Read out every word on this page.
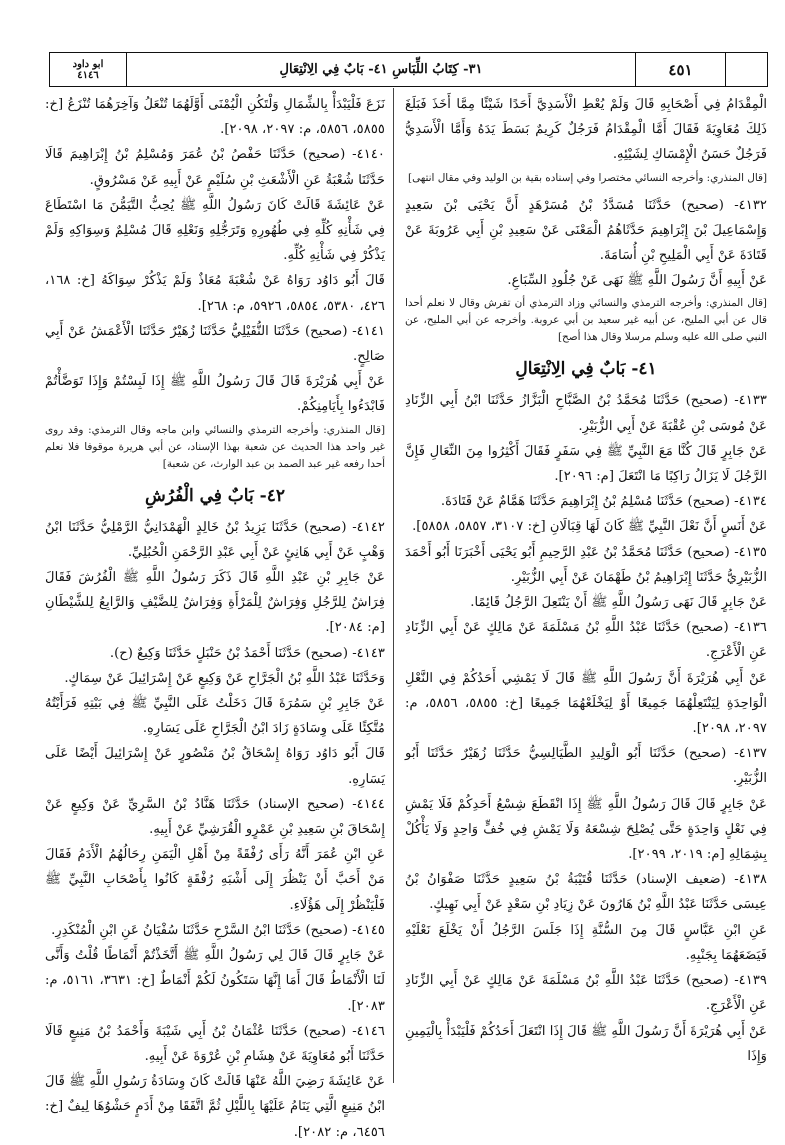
ابو داود
٤١٤٦	٣١- كِتَابُ اللِّبَاسِ ٤١- بَابٌ فِي الِانْتِعَالِ	٤٥١

الْمِقْدَامُ فِي أَصْحَابِهِ قَالَ وَلَمْ يُعْطِ الْأَسَدِيَّ أَحَدًا شَيْئًا مِمَّا أَخَذَ فَبَلَغَ ذَلِكَ مُعَاوِيَةَ فَقَالَ أَمَّا الْمِقْدَامُ فَرَجُلٌ كَرِيمٌ بَسَطَ يَدَهُ وَأَمَّا الْأَسَدِيُّ فَرَجُلٌ حَسَنُ الْإِمْسَاكِ لِشَيْئِهِ.

[قال المنذري: وأخرجه النسائي مختصرا وفي إسناده بقية بن الوليد وفي مقال انتهى]

٤١٣٢- (صحيح) حَدَّثَنَا مُسَدَّدُ بْنُ مُسَرْهَدٍ أَنَّ يَحْيَى بْنَ سَعِيدٍ وَإِسْمَاعِيلَ بْنَ إِبْرَاهِيمَ حَدَّثَاهُمُ الْمَعْنَى عَنْ سَعِيدِ بْنِ أَبِي عَرُوبَةَ عَنْ قَتَادَةَ عَنْ أَبِي الْمَلِيحِ بْنِ أُسَامَةَ.

عَنْ أَبِيهِ أَنَّ رَسُولَ اللَّهِ ﷺ نَهَى عَنْ جُلُودِ السِّبَاعِ.

[قال المنذري: وأخرجه الترمذي والنسائي وزاد الترمذي أن تفرش وقال لا نعلم أحدا قال عن أبي المليح، عن أبيه غير سعيد بن أبي عروبة. وأخرجه عن أبي المليح، عن النبي صلى الله عليه وسلم مرسلا وقال هذا أصح]

٤١- بَابٌ فِي الِانْتِعَالِ

٤١٣٣- (صحيح) حَدَّثَنَا مُحَمَّدُ بْنُ الصَّبَّاحِ الْبَزَّازُ حَدَّثَنَا ابْنُ أَبِي الزِّنَادِ عَنْ مُوسَى بْنِ عُقْبَةَ عَنْ أَبِي الزُّبَيْرِ.

عَنْ جَابِرٍ قَالَ كُنَّا مَعَ النَّبِيِّ ﷺ فِي سَفَرٍ فَقَالَ أَكْثِرُوا مِنَ النِّعَالِ فَإِنَّ الرَّجُلَ لَا يَزَالُ رَاكِبًا مَا انْتَعَلَ [م: ٢٠٩٦].

٤١٣٤- (صحيح) حَدَّثَنَا مُسْلِمُ بْنُ إِبْرَاهِيمَ حَدَّثَنَا هَمَّامٌ عَنْ قَتَادَةَ.

عَنْ أَنَسٍ أَنَّ نَعْلَ النَّبِيِّ ﷺ كَانَ لَهَا قِبَالَانِ [خ: ٣١٠٧، ٥٨٥٧، ٥٨٥٨].

٤١٣٥- (صحيح) حَدَّثَنَا مُحَمَّدُ بْنُ عَبْدِ الرَّحِيمِ أَبُو يَحْيَى أَخْبَرَنَا أَبُو أَحْمَدَ الزُّبَيْرِيُّ حَدَّثَنَا إِبْرَاهِيمُ بْنُ طَهْمَانَ عَنْ أَبِي الزُّبَيْرِ.

عَنْ جَابِرٍ قَالَ نَهَى رَسُولُ اللَّهِ ﷺ أَنْ يَنْتَعِلَ الرَّجُلُ قَائِمًا.

٤١٣٦- (صحيح) حَدَّثَنَا عَبْدُ اللَّهِ بْنُ مَسْلَمَةَ عَنْ مَالِكٍ عَنْ أَبِي الزِّنَادِ عَنِ الْأَعْرَجِ.

عَنْ أَبِي هُرَيْرَةَ أَنَّ رَسُولَ اللَّهِ ﷺ قَالَ لَا يَمْشِي أَحَدُكُمْ فِي النَّعْلِ الْوَاحِدَةِ لِيَنْتَعِلْهُمَا جَمِيعًا أَوْ لِيَخْلَعْهُمَا جَمِيعًا [خ: ٥٨٥٥، ٥٨٥٦، م: ٢٠٩٧، ٢٠٩٨].

٤١٣٧- (صحيح) حَدَّثَنَا أَبُو الْوَلِيدِ الطَّيَالِسِيُّ حَدَّثَنَا زُهَيْرٌ حَدَّثَنَا أَبُو الزُّبَيْرِ.

عَنْ جَابِرٍ قَالَ قَالَ رَسُولُ اللَّهِ ﷺ إِذَا انْقَطَعَ شِسْعُ أَحَدِكُمْ فَلَا يَمْشِ فِي نَعْلٍ وَاحِدَةٍ حَتَّى يُصْلِحَ شِسْعَهُ وَلَا يَمْشِ فِي خُفٍّ وَاحِدٍ وَلَا يَأْكُلْ بِشِمَالِهِ [م: ٢٠١٩، ٢٠٩٩].

٤١٣٨- (ضعيف الإسناد) حَدَّثَنَا قُتَيْبَةُ بْنُ سَعِيدٍ حَدَّثَنَا صَفْوَانُ بْنُ عِيسَى حَدَّثَنَا عَبْدُ اللَّهِ بْنُ هَارُونَ عَنْ زِيَادِ بْنِ سَعْدٍ عَنْ أَبِي نَهِيكٍ.

عَنِ ابْنِ عَبَّاسٍ قَالَ مِنَ السُّنَّةِ إِذَا جَلَسَ الرَّجُلُ أَنْ يَخْلَعَ نَعْلَيْهِ فَيَضَعَهُمَا بِجَنْبِهِ.

٤١٣٩- (صحيح) حَدَّثَنَا عَبْدُ اللَّهِ بْنُ مَسْلَمَةَ عَنْ مَالِكٍ عَنْ أَبِي الزِّنَادِ عَنِ الْأَعْرَجِ.

عَنْ أَبِي هُرَيْرَةَ أَنَّ رَسُولَ اللَّهِ ﷺ قَالَ إِذَا انْتَعَلَ أَحَدُكُمْ فَلْيَبْدَأْ بِالْيَمِينِ وَإِذَا

نَزَعَ فَلْيَبْدَأْ بِالشِّمَالِ وَلْتَكُنِ الْيُمْنَى أَوَّلَهُمَا تُنْعَلُ وَآخِرَهُمَا تُنْزَعُ [خ: ٥٨٥٥، ٥٨٥٦، م: ٢٠٩٧، ٢٠٩٨].

٤١٤٠- (صحيح) حَدَّثَنَا حَفْصُ بْنُ عُمَرَ وَمُسْلِمُ بْنُ إِبْرَاهِيمَ قَالَا حَدَّثَنَا شُعْبَةُ عَنِ الْأَشْعَثِ بْنِ سُلَيْمٍ عَنْ أَبِيهِ عَنْ مَسْرُوقٍ.

عَنْ عَائِشَةَ قَالَتْ كَانَ رَسُولُ اللَّهِ ﷺ يُحِبُّ التَّيَمُّنَ مَا اسْتَطَاعَ فِي شَأْنِهِ كُلِّهِ فِي طُهُورِهِ وَتَرَجُّلِهِ وَنَعْلِهِ قَالَ مُسْلِمٌ وَسِوَاكِهِ وَلَمْ يَذْكُرْ فِي شَأْنِهِ كُلِّهِ.

قَالَ أَبُو دَاوُد رَوَاهُ عَنْ شُعْبَةَ مُعَاذٌ وَلَمْ يَذْكُرْ سِوَاكَهُ [خ: ١٦٨، ٤٢٦، ٥٣٨٠، ٥٨٥٤، ٥٩٢٦، م: ٢٦٨].

٤١٤١- (صحيح) حَدَّثَنَا النُّفَيْلِيُّ حَدَّثَنَا زُهَيْرٌ حَدَّثَنَا الْأَعْمَشُ عَنْ أَبِي صَالِحٍ.

عَنْ أَبِي هُرَيْرَةَ قَالَ قَالَ رَسُولُ اللَّهِ ﷺ إِذَا لَبِسْتُمْ وَإِذَا تَوَضَّأْتُمْ فَابْدَءُوا بِأَيَامِنِكُمْ.

[قال المنذري: وأخرجه الترمذي والنسائي وابن ماجه وقال الترمذي: وقد روى غير واحد هذا الحديث عن شعبة بهذا الإسناد، عن أبي هريرة موقوفا فلا نعلم أحدا رفعه غير عبد الصمد بن عبد الوارث، عن شعبة]

٤٢- بَابٌ فِي الْفُرُشِ

٤١٤٢- (صحيح) حَدَّثَنَا يَزِيدُ بْنُ خَالِدٍ الْهَمْدَانِيُّ الرَّمْلِيُّ حَدَّثَنَا ابْنُ وَهْبٍ عَنْ أَبِي هَانِئٍ عَنْ أَبِي عَبْدِ الرَّحْمَنِ الْحُبُلِيِّ.

عَنْ جَابِرِ بْنِ عَبْدِ اللَّهِ قَالَ ذَكَرَ رَسُولُ اللَّهِ ﷺ الْفُرُشَ فَقَالَ فِرَاشٌ لِلرَّجُلِ وَفِرَاشٌ لِلْمَرْأَةِ وَفِرَاشٌ لِلضَّيْفِ وَالرَّابِعُ لِلشَّيْطَانِ [م: ٢٠٨٤].

٤١٤٣- (صحيح) حَدَّثَنَا أَحْمَدُ بْنُ حَنْبَلٍ حَدَّثَنَا وَكِيعٌ (ح).

وَحَدَّثَنَا عَبْدُ اللَّهِ بْنُ الْجَرَّاحِ عَنْ وَكِيعٍ عَنْ إِسْرَائِيلَ عَنْ سِمَاكٍ.

عَنْ جَابِرِ بْنِ سَمُرَةَ قَالَ دَخَلْتُ عَلَى النَّبِيِّ ﷺ فِي بَيْتِهِ فَرَأَيْتُهُ مُتَّكِئًا عَلَى وِسَادَةٍ زَادَ ابْنُ الْجَرَّاحِ عَلَى يَسَارِهِ.

قَالَ أَبُو دَاوُد رَوَاهُ إِسْحَاقُ بْنُ مَنْصُورٍ عَنْ إِسْرَائِيلَ أَيْضًا عَلَى يَسَارِهِ.

٤١٤٤- (صحيح الإسناد) حَدَّثَنَا هَنَّادُ بْنُ السَّرِيِّ عَنْ وَكِيعٍ عَنْ إِسْحَاقَ بْنِ سَعِيدِ بْنِ عَمْرٍو الْقُرَشِيِّ عَنْ أَبِيهِ.

عَنِ ابْنِ عُمَرَ أَنَّهُ رَأَى رُفْقَةً مِنْ أَهْلِ الْيَمَنِ رِحَالُهُمُ الْأَدَمُ فَقَالَ مَنْ أَحَبَّ أَنْ يَنْظُرَ إِلَى أَشْبَهِ رُفْقَةٍ كَانُوا بِأَصْحَابِ النَّبِيِّ ﷺ فَلْيَنْظُرْ إِلَى هَؤُلَاءِ.

٤١٤٥- (صحيح) حَدَّثَنَا ابْنُ السَّرْحِ حَدَّثَنَا سُفْيَانُ عَنِ ابْنِ الْمُنْكَدِرِ.

عَنْ جَابِرٍ قَالَ قَالَ لِي رَسُولُ اللَّهِ ﷺ أَتَّخَذْتُمْ أَنْمَاطًا قُلْتُ وَأَنَّى لَنَا الْأَنْمَاطُ قَالَ أَمَا إِنَّهَا سَتَكُونُ لَكُمْ أَنْمَاطٌ [خ: ٣٦٣١، ٥١٦١، م: ٢٠٨٣].

٤١٤٦- (صحيح) حَدَّثَنَا عُثْمَانُ بْنُ أَبِي شَيْبَةَ وَأَحْمَدُ بْنُ مَنِيعٍ قَالَا حَدَّثَنَا أَبُو مُعَاوِيَةَ عَنْ هِشَامِ بْنِ عُرْوَةَ عَنْ أَبِيهِ.

عَنْ عَائِشَةَ رَضِيَ اللَّهُ عَنْهَا قَالَتْ كَانَ وِسَادَةُ رَسُولِ اللَّهِ ﷺ قَالَ ابْنُ مَنِيعٍ الَّتِي يَنَامُ عَلَيْهَا بِاللَّيْلِ ثُمَّ اتَّفَقَا مِنْ أَدَمٍ حَشْوُهَا لِيفٌ [خ: ٦٤٥٦، م: ٢٠٨٢].
